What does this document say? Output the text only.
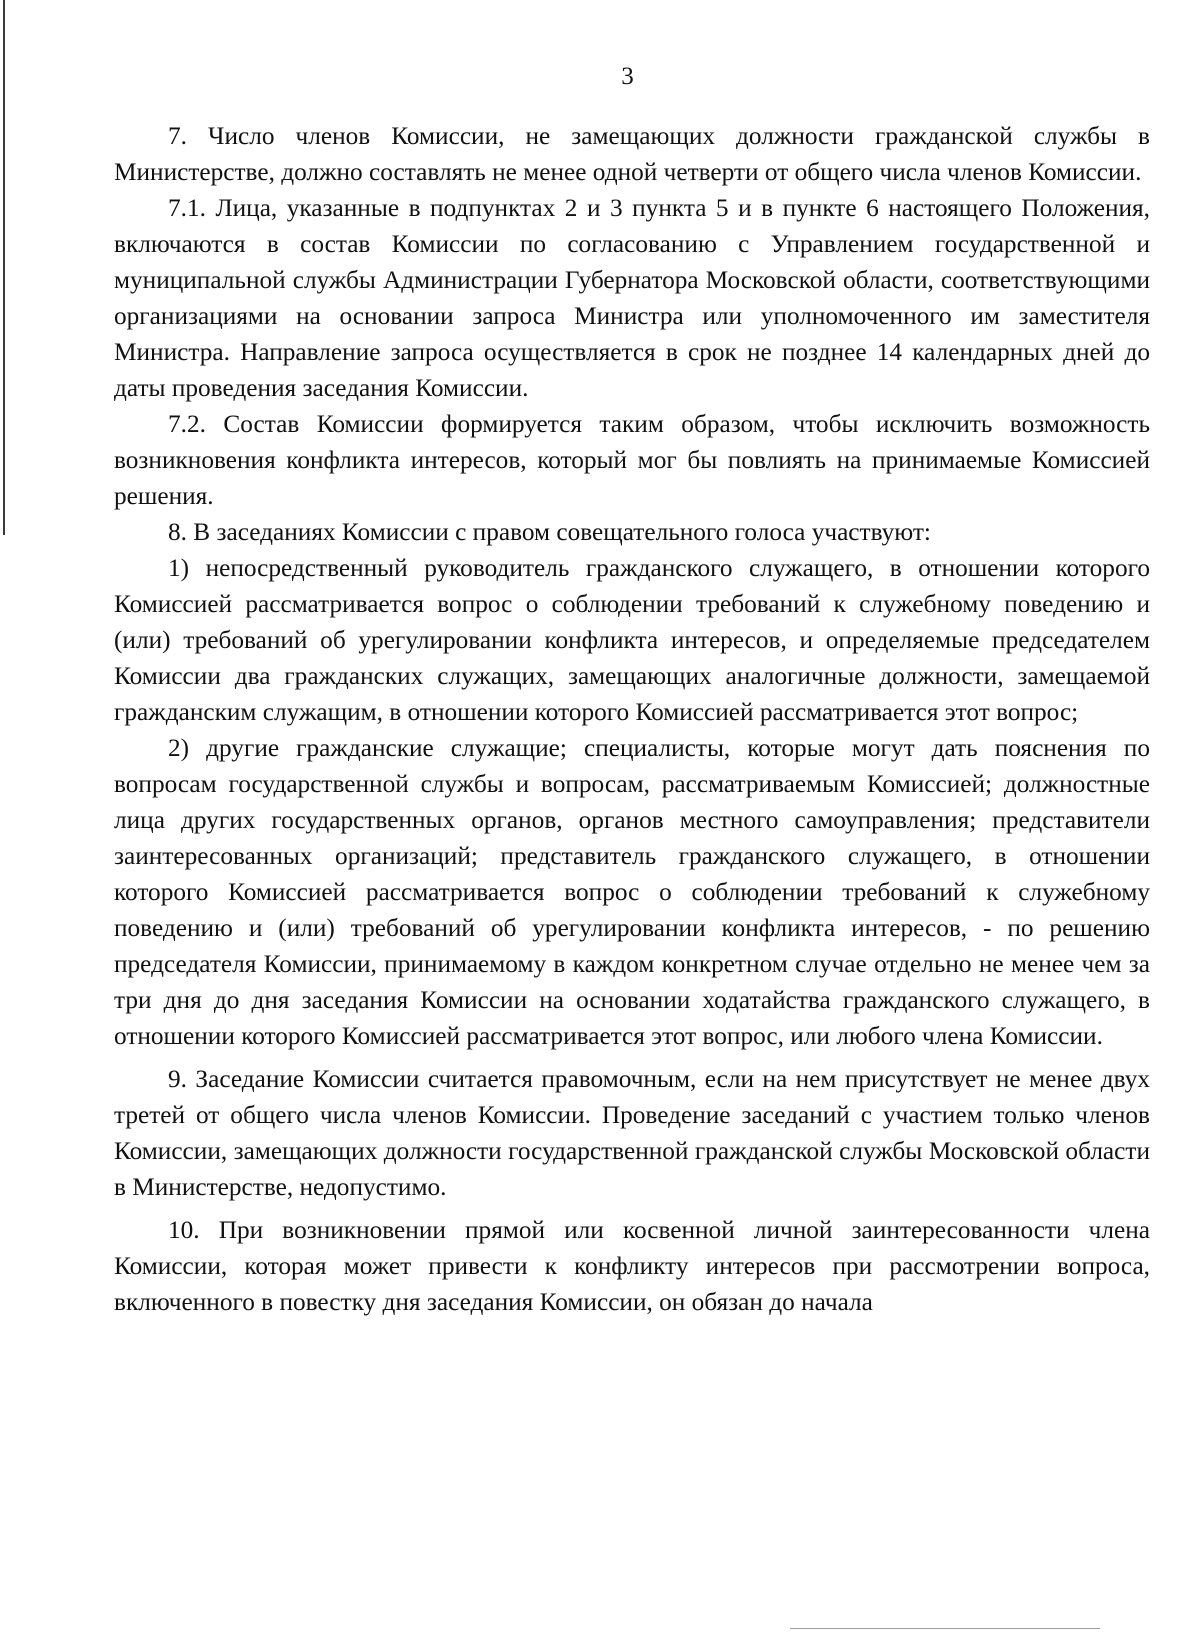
3

7. Число членов Комиссии, не замещающих должности гражданской службы в Министерстве, должно составлять не менее одной четверти от общего числа членов Комиссии.

7.1. Лица, указанные в подпунктах 2 и 3 пункта 5 и в пункте 6 настоящего Положения, включаются в состав Комиссии по согласованию с Управлением государственной и муниципальной службы Администрации Губернатора Московской области, соответствующими организациями на основании запроса Министра или уполномоченного им заместителя Министра. Направление запроса осуществляется в срок не позднее 14 календарных дней до даты проведения заседания Комиссии.

7.2. Состав Комиссии формируется таким образом, чтобы исключить возможность возникновения конфликта интересов, который мог бы повлиять на принимаемые Комиссией решения.

8. В заседаниях Комиссии с правом совещательного голоса участвуют:

1) непосредственный руководитель гражданского служащего, в отношении которого Комиссией рассматривается вопрос о соблюдении требований к служебному поведению и (или) требований об урегулировании конфликта интересов, и определяемые председателем Комиссии два гражданских служащих, замещающих аналогичные должности, замещаемой гражданским служащим, в отношении которого Комиссией рассматривается этот вопрос;

2) другие гражданские служащие; специалисты, которые могут дать пояснения по вопросам государственной службы и вопросам, рассматриваемым Комиссией; должностные лица других государственных органов, органов местного самоуправления; представители заинтересованных организаций; представитель гражданского служащего, в отношении которого Комиссией рассматривается вопрос о соблюдении требований к служебному поведению и (или) требований об урегулировании конфликта интересов, - по решению председателя Комиссии, принимаемому в каждом конкретном случае отдельно не менее чем за три дня до дня заседания Комиссии на основании ходатайства гражданского служащего, в отношении которого Комиссией рассматривается этот вопрос, или любого члена Комиссии.

9. Заседание Комиссии считается правомочным, если на нем присутствует не менее двух третей от общего числа членов Комиссии. Проведение заседаний с участием только членов Комиссии, замещающих должности государственной гражданской службы Московской области в Министерстве, недопустимо.

10. При возникновении прямой или косвенной личной заинтересованности члена Комиссии, которая может привести к конфликту интересов при рассмотрении вопроса, включенного в повестку дня заседания Комиссии, он обязан до начала
